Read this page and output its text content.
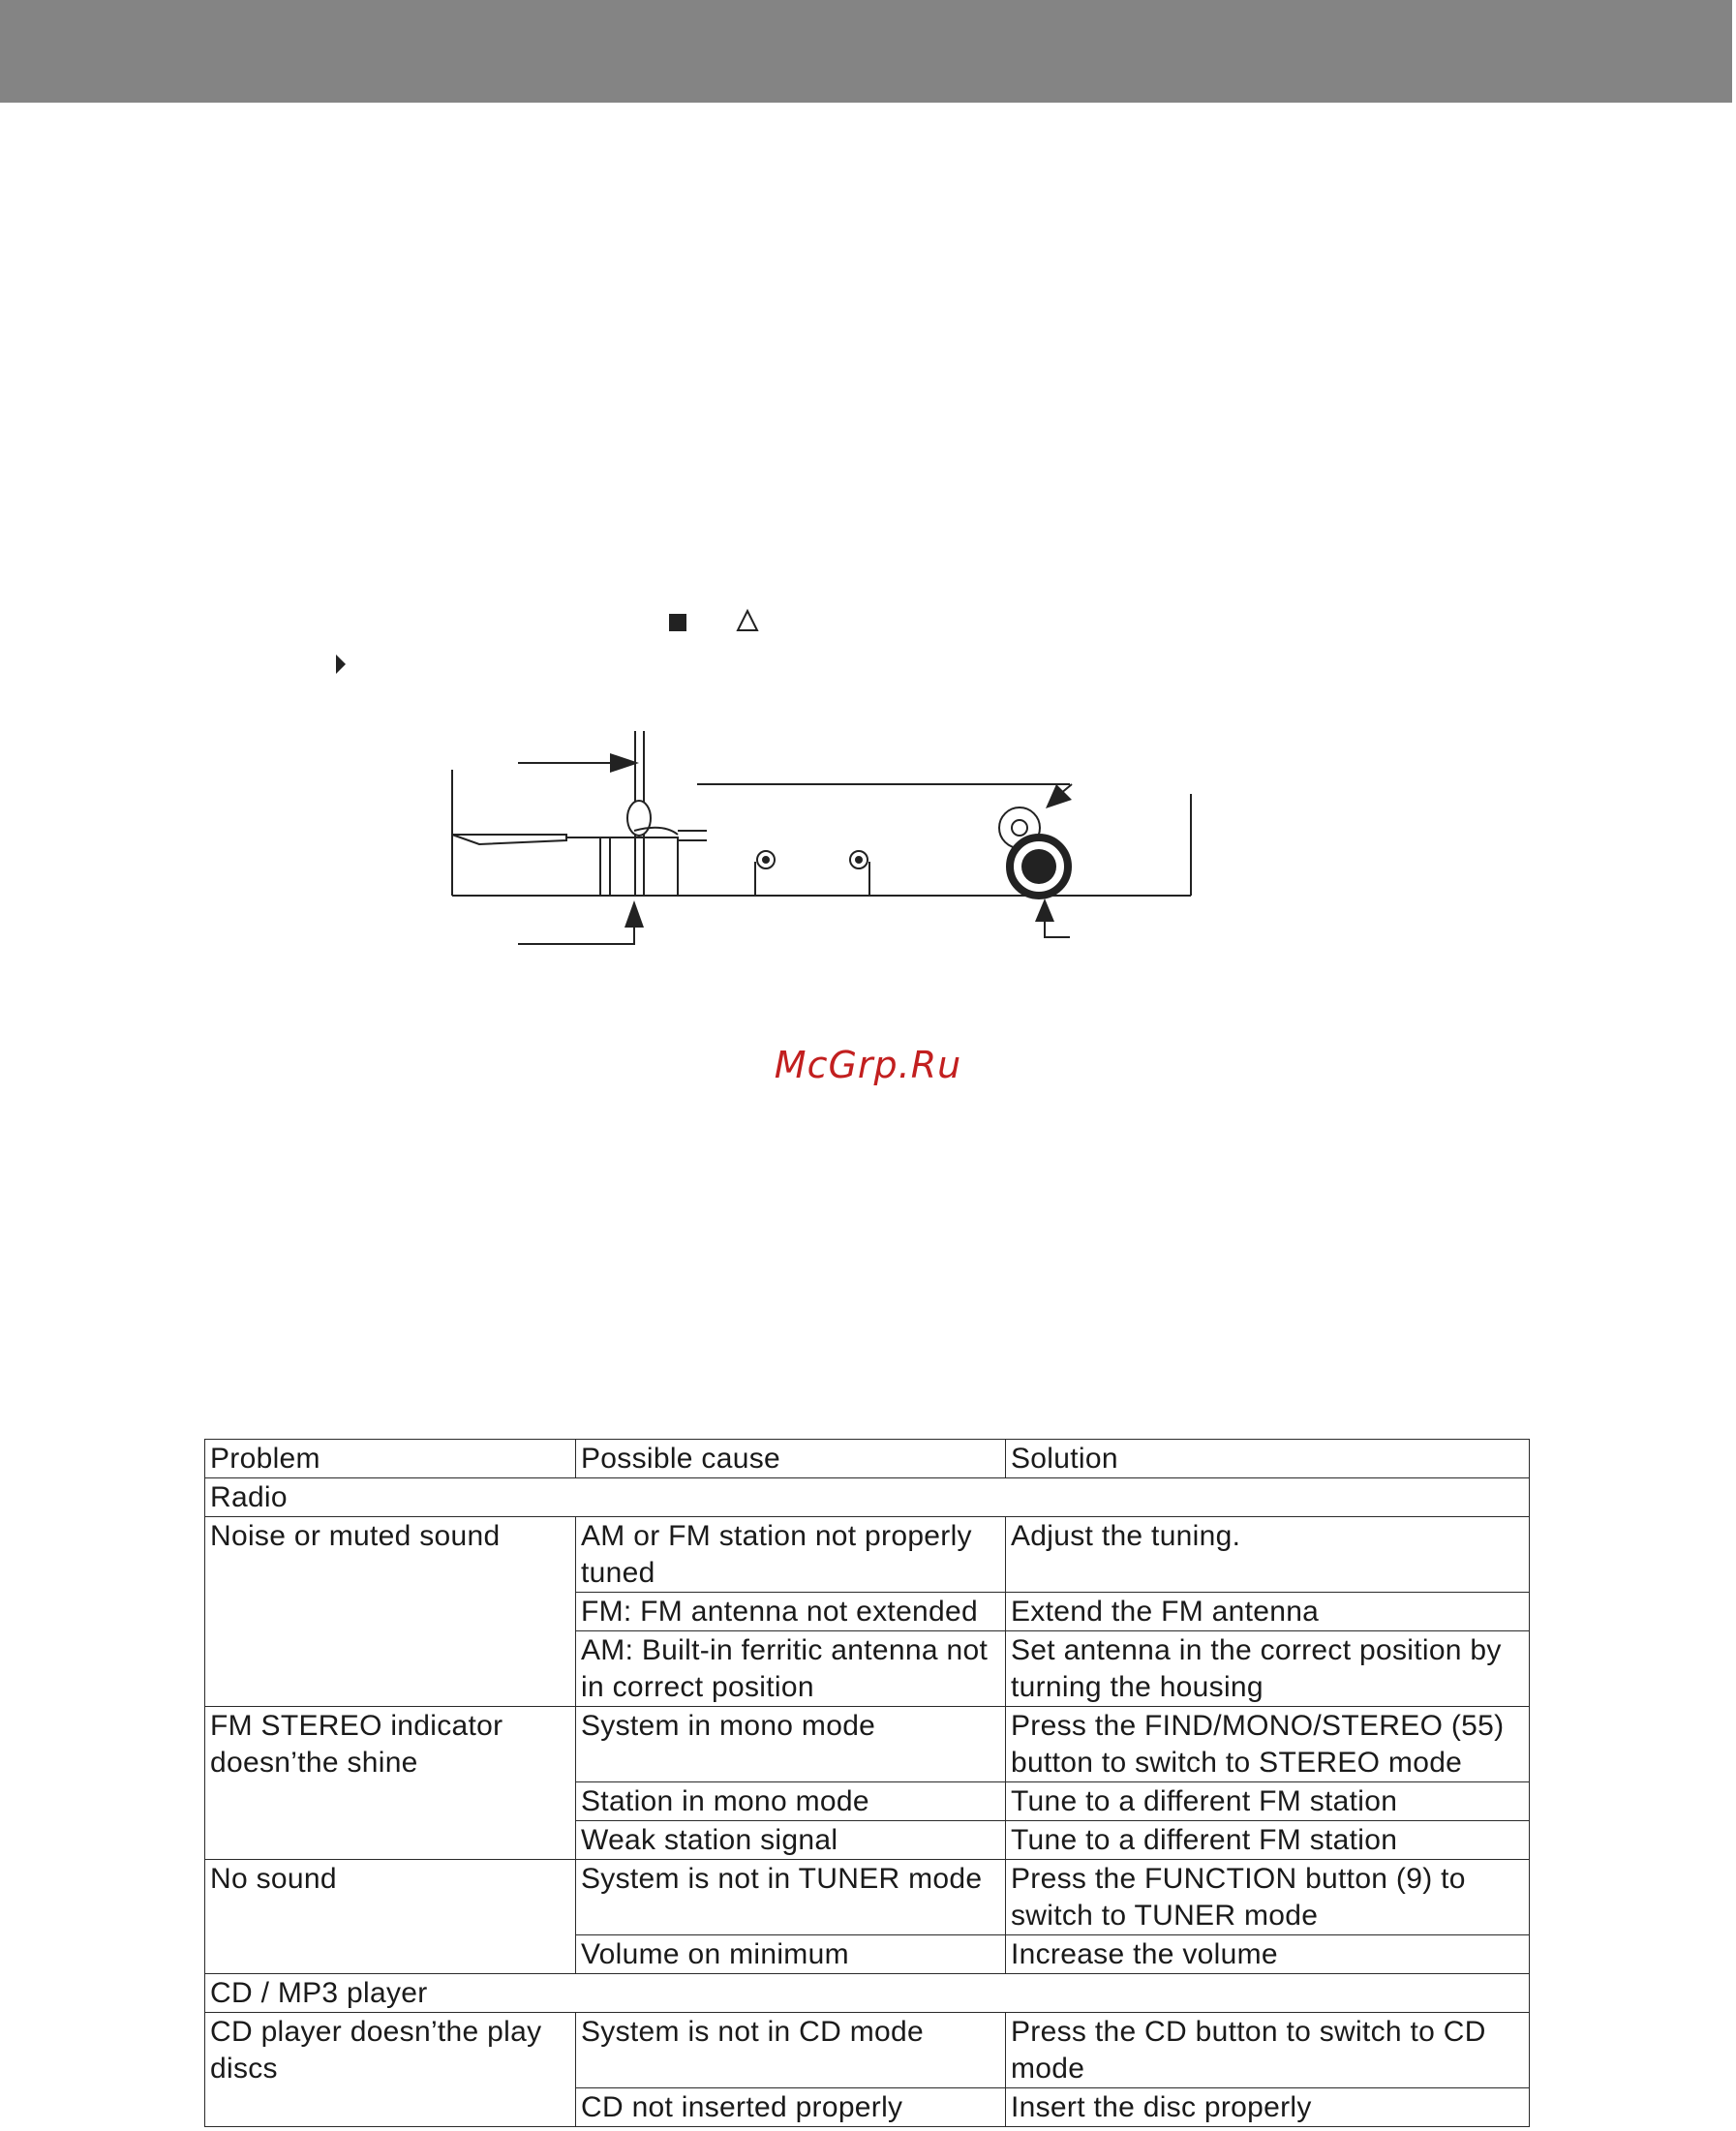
McGrp.Ru
Problem	Possible cause	Solution
Radio		
Noise or muted sound	AM or FM station not properly tuned	Adjust the tuning.
	FM: FM antenna not extended	Extend the FM antenna
	AM: Built-in ferritic antenna not in correct position	Set antenna in the correct position by turning the housing
FM STEREO indicator doesn’the shine	System in mono mode	Press the FIND/MONO/STEREO (55) button to switch to STEREO mode
	Station in mono mode	Tune to a different FM station
	Weak station signal	Tune to a different FM station
No sound	System is not in TUNER mode	Press the FUNCTION button (9) to switch to TUNER mode
	Volume on minimum	Increase the volume
CD / MP3 player		
CD player doesn’the play discs	System is not in CD mode	Press the CD button to switch to CD mode
	CD not inserted properly	Insert the disc properly
